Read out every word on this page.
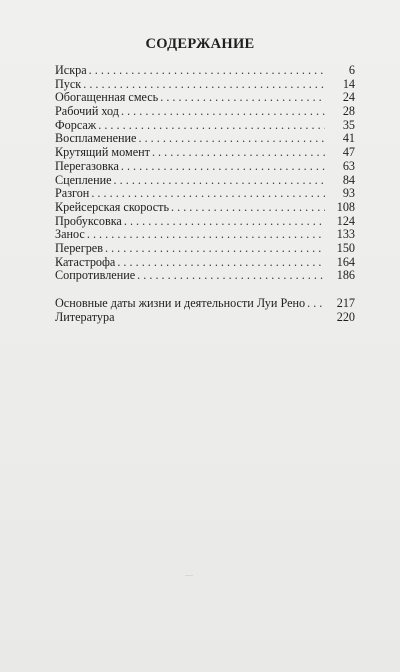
СОДЕРЖАНИЕ
Искра . . .	6
Пуск . . .	14
Обогащенная смесь . . .	24
Рабочий ход . . .	28
Форсаж . . .	35
Воспламенение . . .	41
Крутящий момент . . .	47
Перегазовка . . .	63
Сцепление . . .	84
Разгон . . .	93
Крейсерская скорость . . .	108
Пробуксовка . . .	124
Занос . . .	133
Перегрев . . .	150
Катастрофа . . .	164
Сопротивление . . .	186
Основные даты жизни и деятельности Луи Рено . . .	217
Литература	220
